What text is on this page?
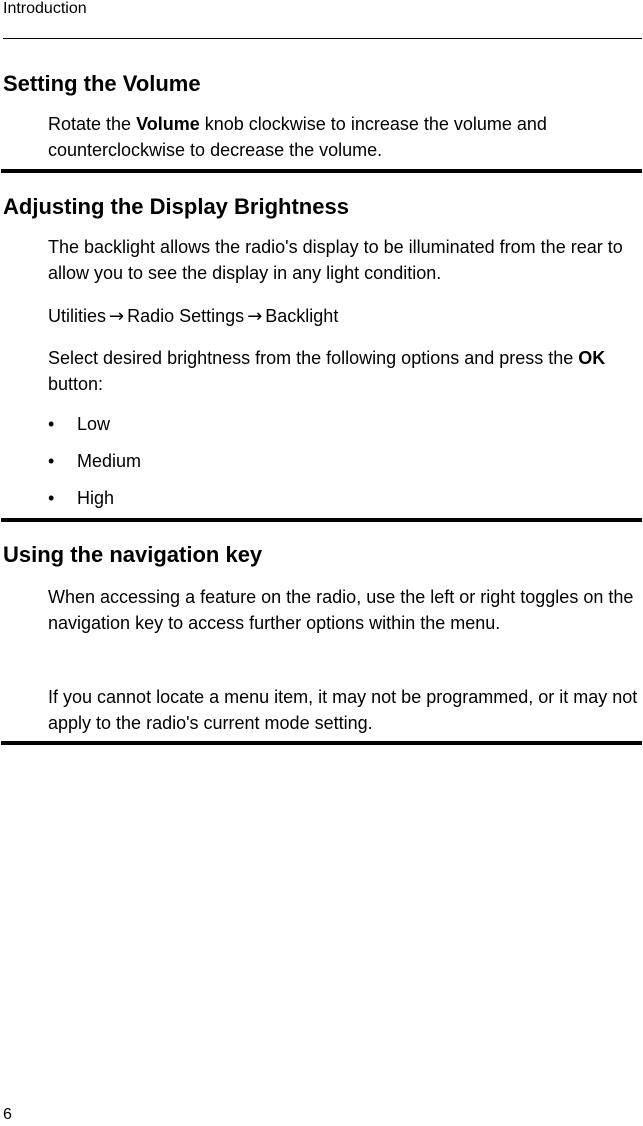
Introduction
Setting the Volume
Rotate the Volume knob clockwise to increase the volume and counterclockwise to decrease the volume.
Adjusting the Display Brightness
The backlight allows the radio's display to be illuminated from the rear to allow you to see the display in any light condition.
Utilities → Radio Settings → Backlight
Select desired brightness from the following options and press the OK button:
• Low
• Medium
• High
Using the navigation key
When accessing a feature on the radio, use the left or right toggles on the navigation key to access further options within the menu.
If you cannot locate a menu item, it may not be programmed, or it may not apply to the radio's current mode setting.
6
